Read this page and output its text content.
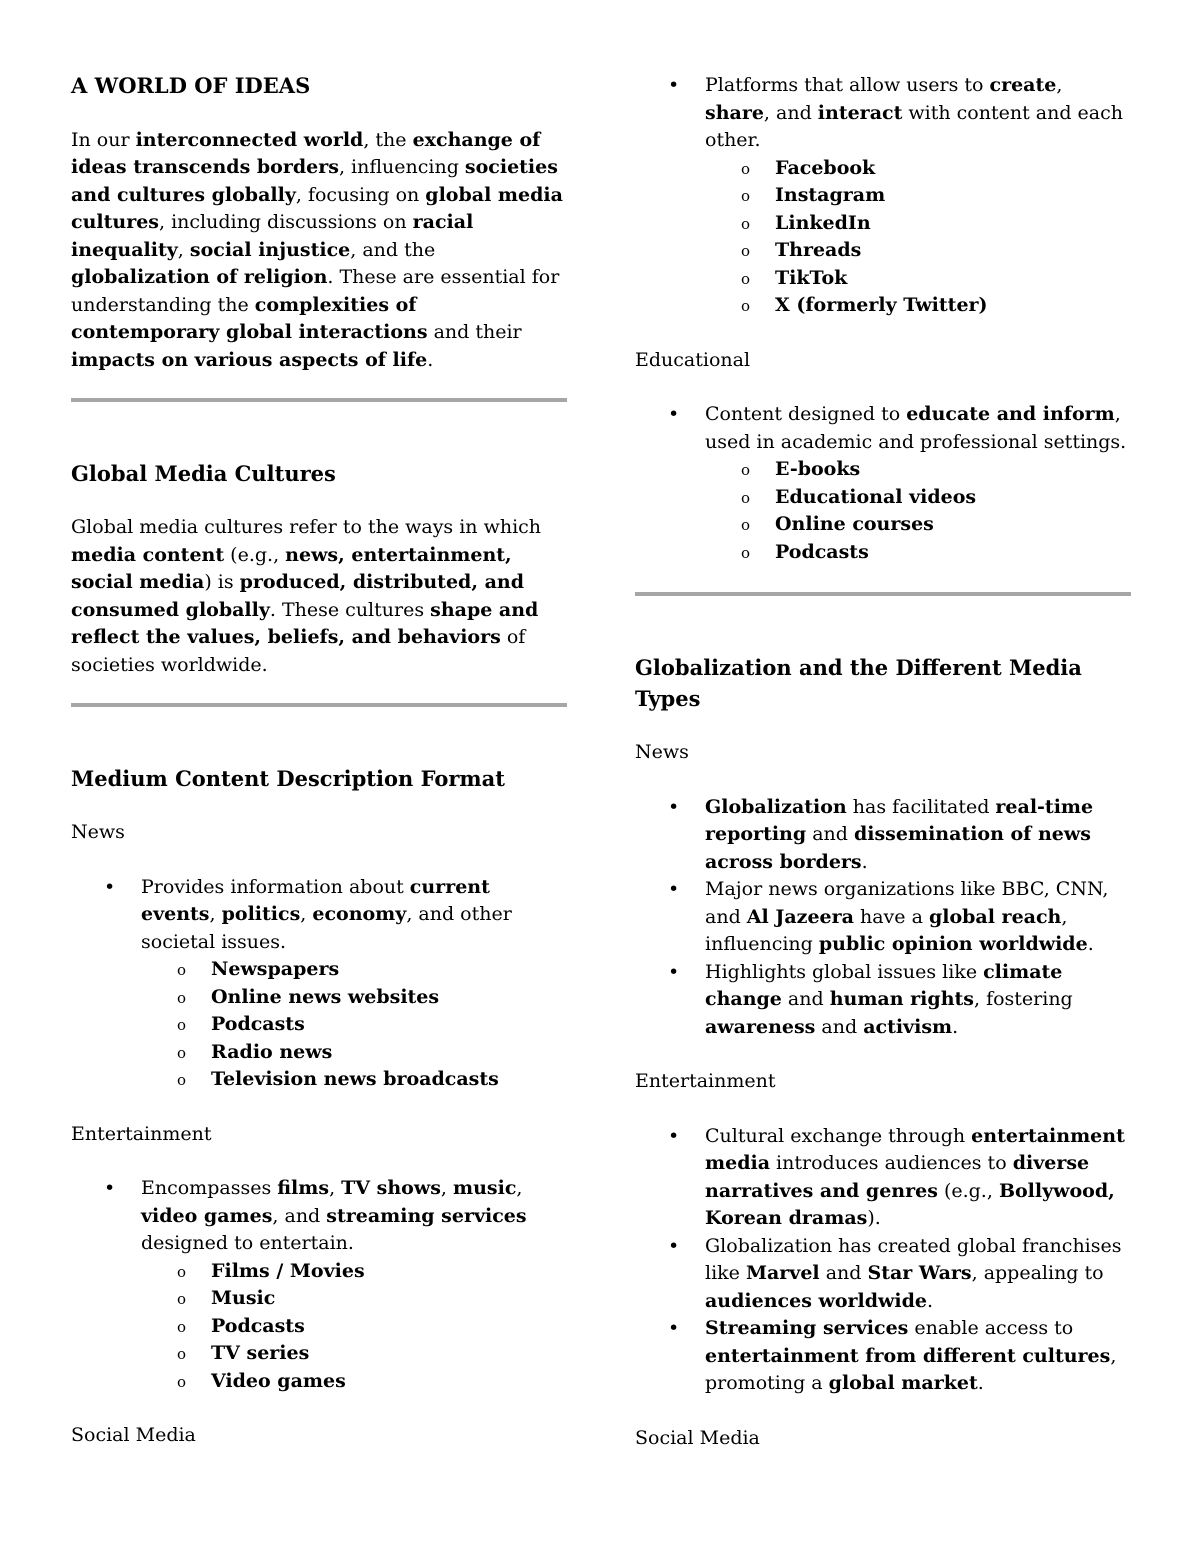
A WORLD OF IDEAS

In our interconnected world, the exchange of ideas transcends borders, influencing societies and cultures globally, focusing on global media cultures, including discussions on racial inequality, social injustice, and the globalization of religion. These are essential for understanding the complexities of contemporary global interactions and their impacts on various aspects of life.

Global Media Cultures

Global media cultures refer to the ways in which media content (e.g., news, entertainment, social media) is produced, distributed, and consumed globally. These cultures shape and reflect the values, beliefs, and behaviors of societies worldwide.

Medium Content Description Format

News

• Provides information about current events, politics, economy, and other societal issues.
o Newspapers
o Online news websites
o Podcasts
o Radio news
o Television news broadcasts

Entertainment

• Encompasses films, TV shows, music, video games, and streaming services designed to entertain.
o Films / Movies
o Music
o Podcasts
o TV series
o Video games

Social Media

• Platforms that allow users to create, share, and interact with content and each other.
o Facebook
o Instagram
o LinkedIn
o Threads
o TikTok
o X (formerly Twitter)

Educational

• Content designed to educate and inform, used in academic and professional settings.
o E-books
o Educational videos
o Online courses
o Podcasts

Globalization and the Different Media Types

News

• Globalization has facilitated real-time reporting and dissemination of news across borders.
• Major news organizations like BBC, CNN, and Al Jazeera have a global reach, influencing public opinion worldwide.
• Highlights global issues like climate change and human rights, fostering awareness and activism.

Entertainment

• Cultural exchange through entertainment media introduces audiences to diverse narratives and genres (e.g., Bollywood, Korean dramas).
• Globalization has created global franchises like Marvel and Star Wars, appealing to audiences worldwide.
• Streaming services enable access to entertainment from different cultures, promoting a global market.

Social Media
